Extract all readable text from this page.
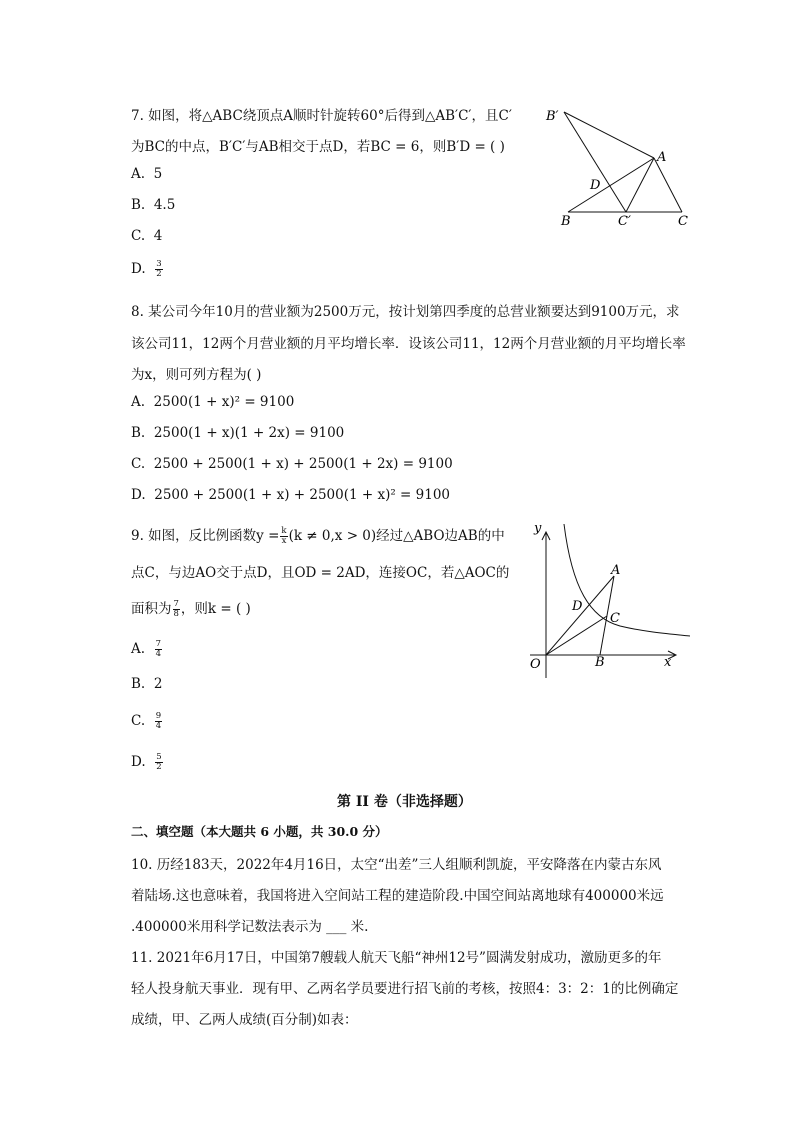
7. 如图，将△ABC绕顶点A顺时针旋转60°后得到△AB′C′，且C′
为BC的中点，B′C′与AB相交于点D，若BC = 6，则B′D = ( )
A. 5
B. 4.5
C. 4
D. $\frac{3}{2}$
B′
A
D
B	C′	C
8. 某公司今年10月的营业额为2500万元，按计划第四季度的总营业额要达到9100万元，求
该公司11，12两个月营业额的月平均增长率．设该公司11，12两个月营业额的月平均增长率
为x，则可列方程为( )
A. 2500(1 + x)² = 9100
B. 2500(1 + x)(1 + 2x) = 9100
C. 2500 + 2500(1 + x) + 2500(1 + 2x) = 9100
D. 2500 + 2500(1 + x) + 2500(1 + x)² = 9100
9. 如图，反比例函数$y = \frac{k}{x} (k \ne 0,x > 0)$经过△ABO边AB的中
点C，与边AO交于点D，且OD = 2AD，连接OC，若△AOC的
面积为 $\frac{7}{8}$ ，则k = ( )
A. $\frac{7}{4}$
B. 2
C. $\frac{9}{4}$
D. $\frac{5}{2}$
y
A
D
C
O	B	x
第 II 卷（非选择题）
二、填空题（本大题共 6 小题，共 30.0 分）
10. 历经183天，2022年4月16日，太空“出差”三人组顺利凯旋，平安降落在内蒙古东风
着陆场.这也意味着，我国将进入空间站工程的建造阶段.中国空间站离地球有400000米远
.400000米用科学记数法表示为 ___ 米.
11. 2021年6月17日，中国第7艘载人航天飞船“神州12号”圆满发射成功，激励更多的年
轻人投身航天事业．现有甲、乙两名学员要进行招飞前的考核，按照4：3：2：1的比例确定
成绩，甲、乙两人成绩(百分制)如表：
